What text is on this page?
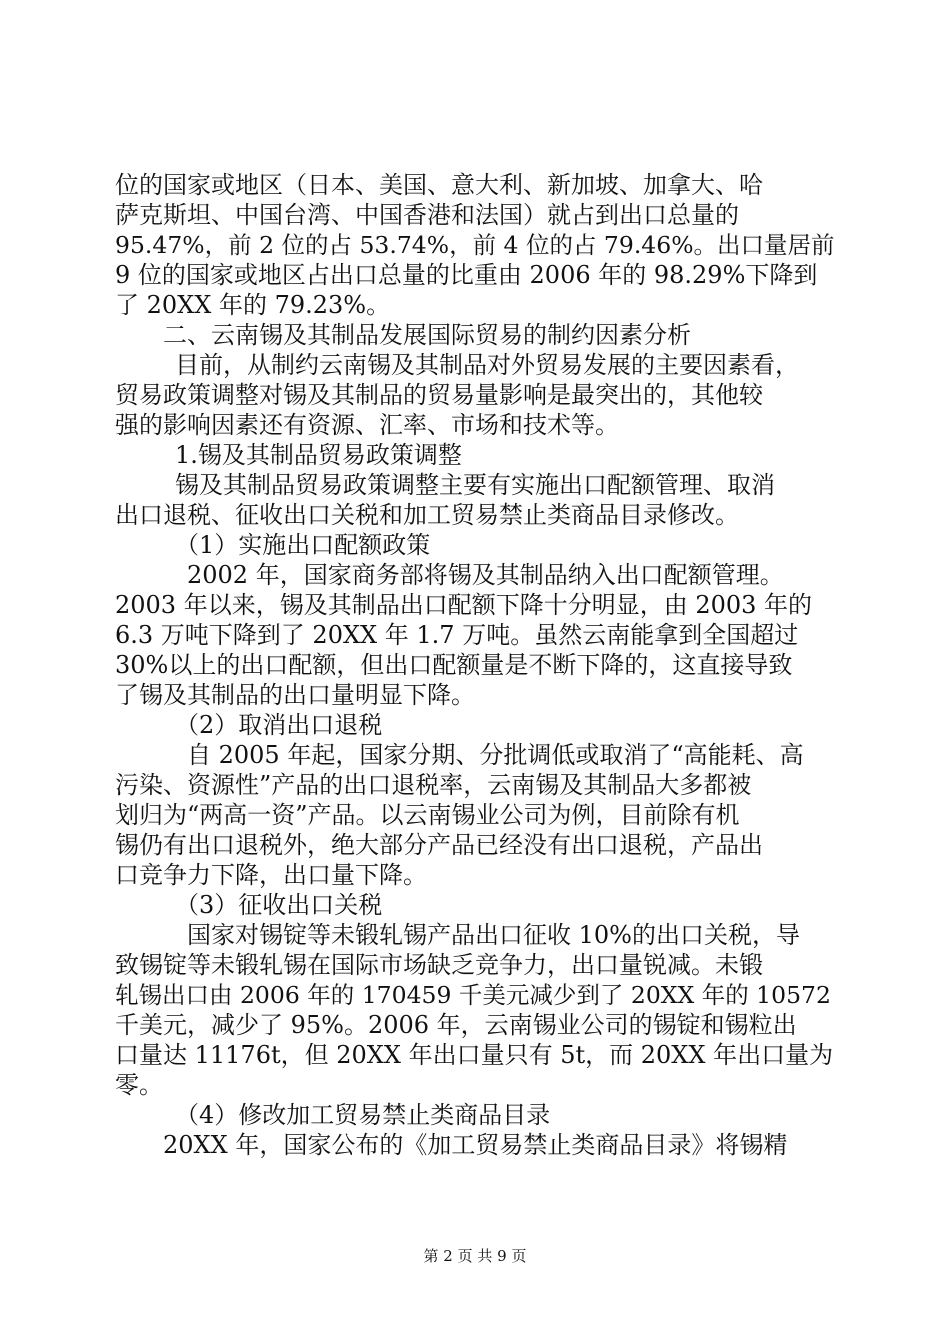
位的国家或地区（日本、美国、意大利、新加坡、加拿大、哈
萨克斯坦、中国台湾、中国香港和法国）就占到出口总量的
95.47%，前 2 位的占 53.74%，前 4 位的占 79.46%。出口量居前
9 位的国家或地区占出口总量的比重由 2006 年的 98.29%下降到
了 20XX 年的 79.23%。
二、云南锡及其制品发展国际贸易的制约因素分析
目前，从制约云南锡及其制品对外贸易发展的主要因素看，
贸易政策调整对锡及其制品的贸易量影响是最突出的，其他较
强的影响因素还有资源、汇率、市场和技术等。
1.锡及其制品贸易政策调整
锡及其制品贸易政策调整主要有实施出口配额管理、取消
出口退税、征收出口关税和加工贸易禁止类商品目录修改。
（1）实施出口配额政策
2002 年，国家商务部将锡及其制品纳入出口配额管理。
2003 年以来，锡及其制品出口配额下降十分明显，由 2003 年的
6.3 万吨下降到了 20XX 年 1.7 万吨。虽然云南能拿到全国超过
30%以上的出口配额，但出口配额量是不断下降的，这直接导致
了锡及其制品的出口量明显下降。
（2）取消出口退税
自 2005 年起，国家分期、分批调低或取消了“高能耗、高
污染、资源性”产品的出口退税率，云南锡及其制品大多都被
划归为“两高一资”产品。以云南锡业公司为例，目前除有机
锡仍有出口退税外，绝大部分产品已经没有出口退税，产品出
口竞争力下降，出口量下降。
（3）征收出口关税
国家对锡锭等未锻轧锡产品出口征收 10%的出口关税，导
致锡锭等未锻轧锡在国际市场缺乏竞争力，出口量锐减。未锻
轧锡出口由 2006 年的 170459 千美元减少到了 20XX 年的 10572
千美元，减少了 95%。2006 年，云南锡业公司的锡锭和锡粒出
口量达 11176t，但 20XX 年出口量只有 5t，而 20XX 年出口量为
零。
（4）修改加工贸易禁止类商品目录
20XX 年，国家公布的《加工贸易禁止类商品目录》将锡精
第 2 页 共 9 页
